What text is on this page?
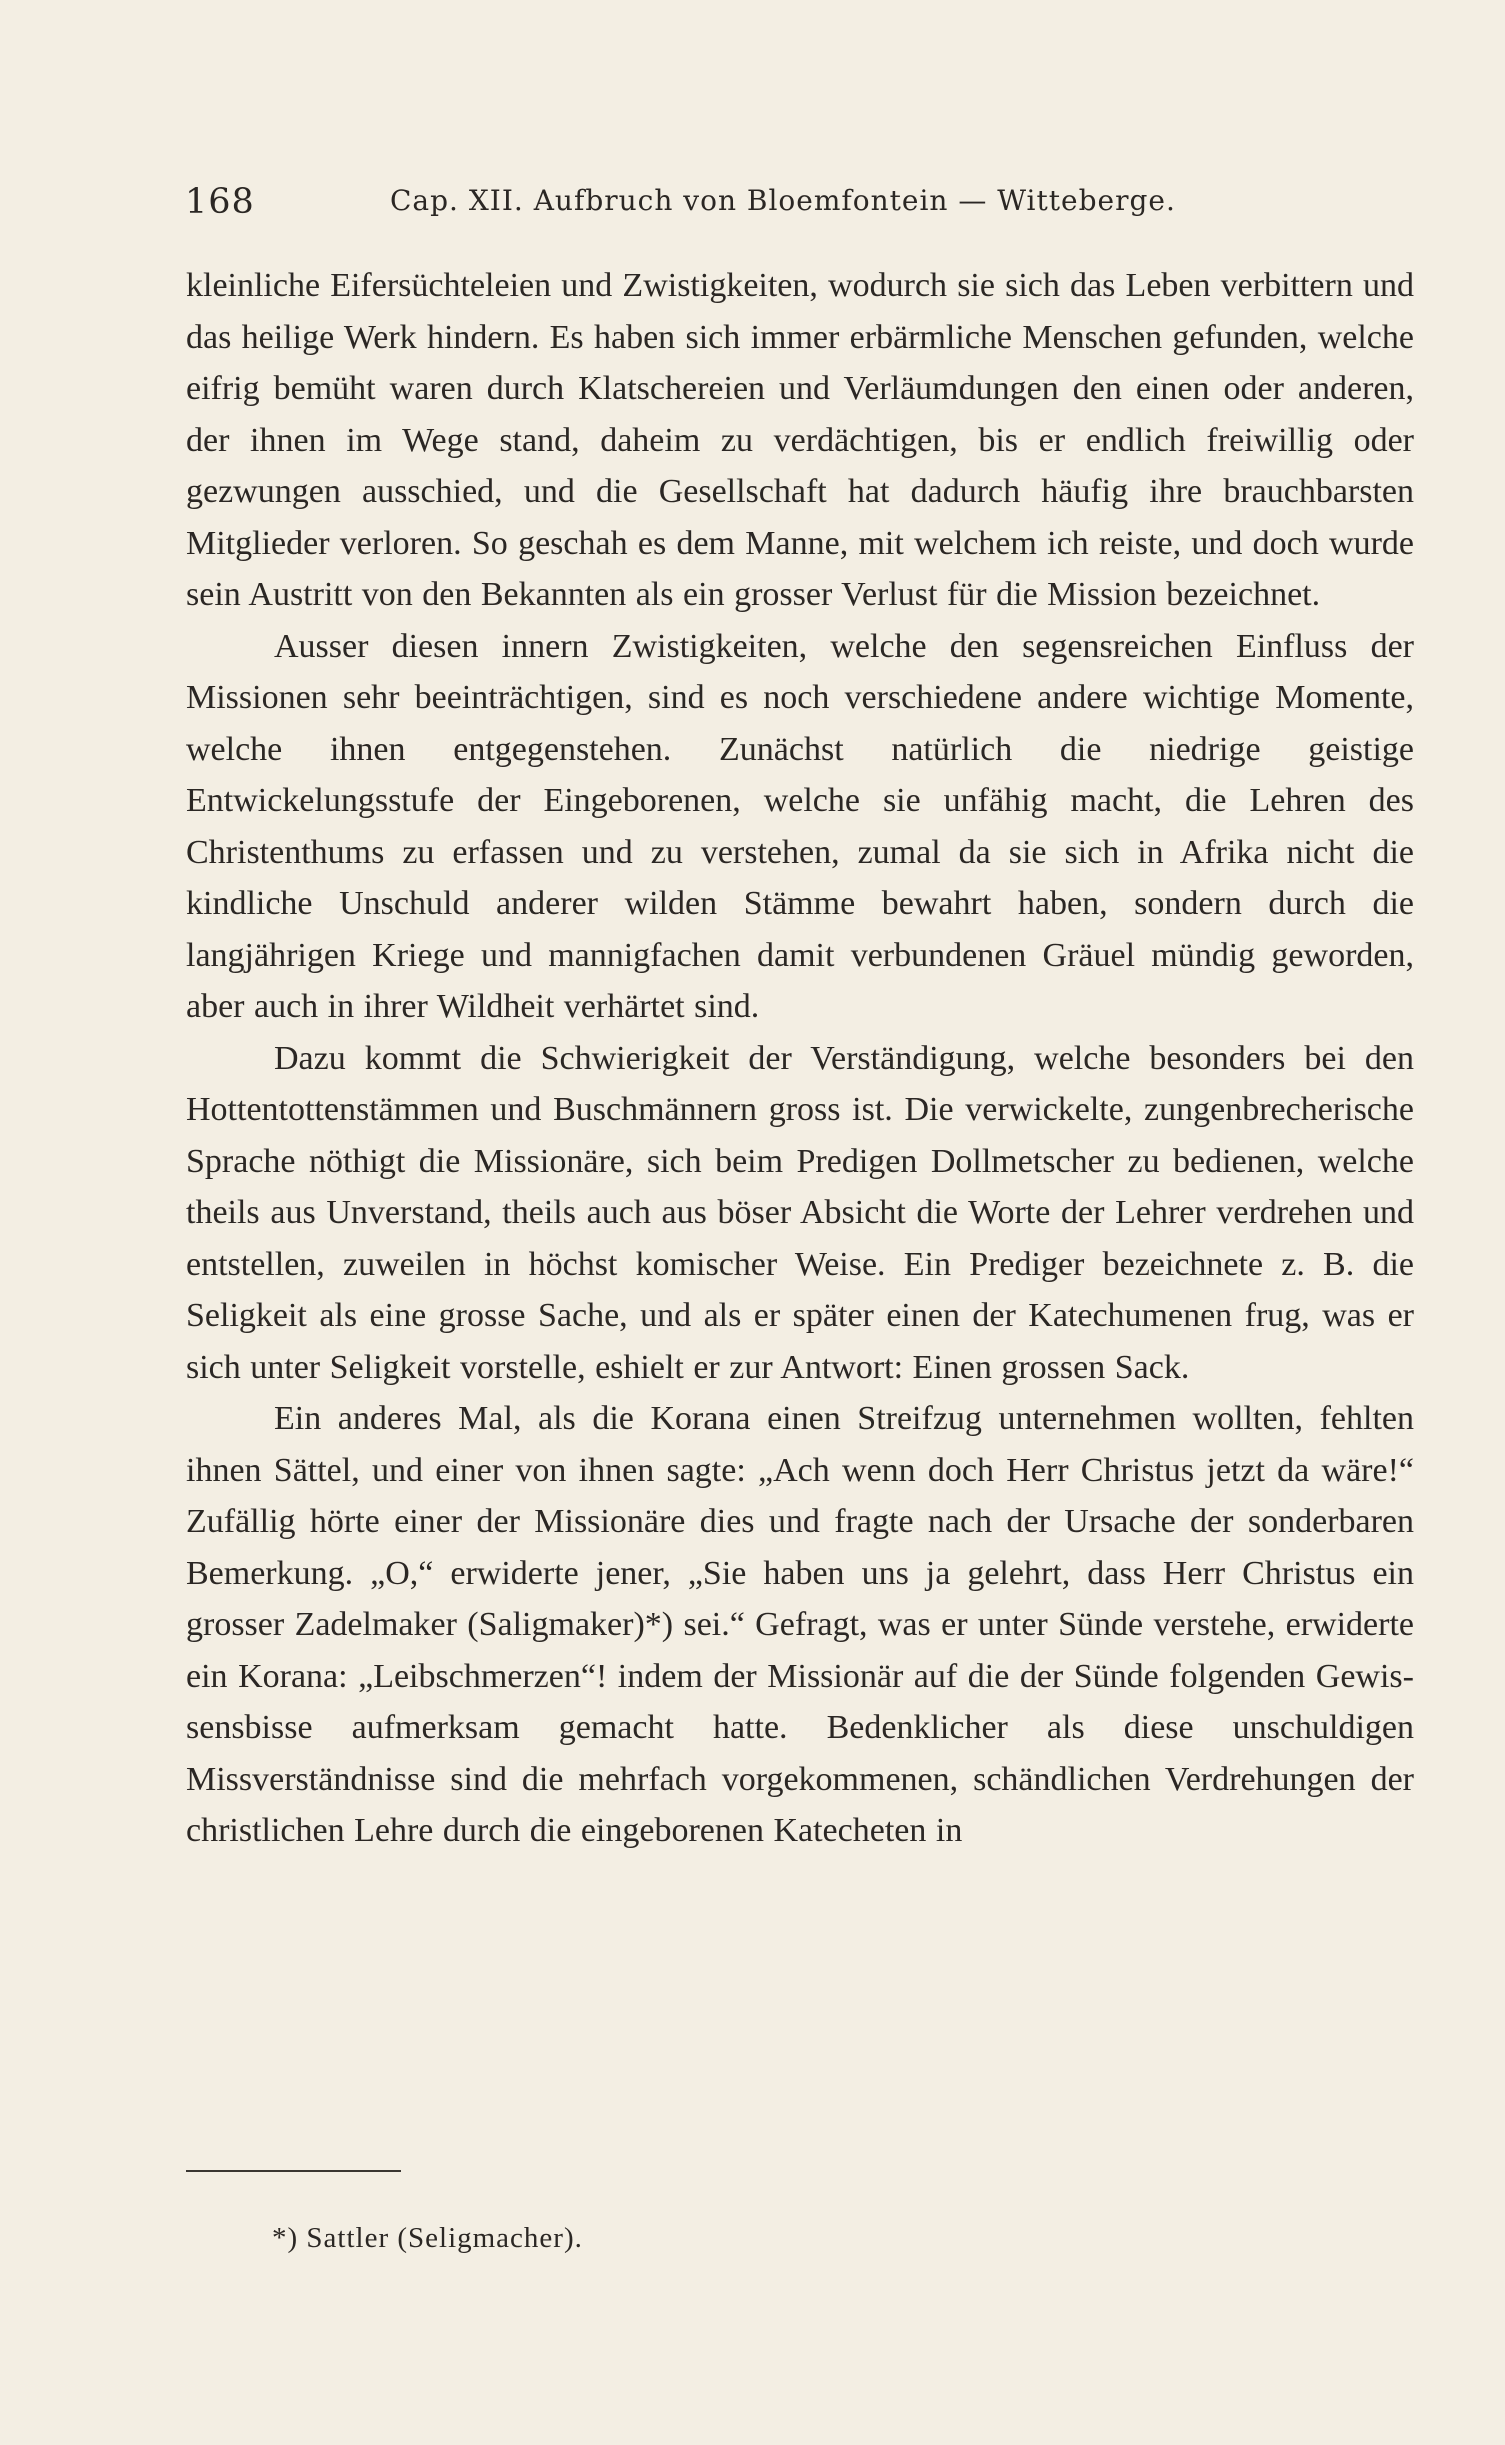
168	Cap. XII. Aufbruch von Bloemfontein — Witteberge.

kleinliche Eifersüchteleien und Zwistigkeiten, wodurch sie sich das Leben verbittern und das heilige Werk hindern. Es haben sich immer erbärmliche Menschen gefunden, welche eifrig bemüht waren durch Klatschereien und Verläumdungen den einen oder anderen, der ihnen im Wege stand, daheim zu verdächtigen, bis er endlich freiwillig oder gezwungen ausschied, und die Gesellschaft hat dadurch häufig ihre brauchbarsten Mitglieder verloren. So geschah es dem Manne, mit welchem ich reiste, und doch wurde sein Austritt von den Bekannten als ein grosser Verlust für die Mission bezeichnet.

Ausser diesen innern Zwistigkeiten, welche den segensreichen Einfluss der Missionen sehr beeinträchtigen, sind es noch verschiedene andere wichtige Momente, welche ihnen entgegenstehen. Zunächst natürlich die niedrige geistige Entwickelungsstufe der Eingeborenen, welche sie unfähig macht, die Lehren des Christenthums zu erfassen und zu verstehen, zumal da sie sich in Afrika nicht die kindliche Unschuld anderer wilden Stämme bewahrt haben, sondern durch die langjährigen Kriege und mannigfachen damit verbundenen Gräuel mündig geworden, aber auch in ihrer Wildheit verhärtet sind.

Dazu kommt die Schwierigkeit der Verständigung, welche besonders bei den Hottentottenstämmen und Buschmännern gross ist. Die verwickelte, zungenbrecherische Sprache nöthigt die Missionäre, sich beim Predigen Dollmetscher zu bedienen, welche theils aus Unverstand, theils auch aus böser Absicht die Worte der Lehrer verdrehen und entstellen, zuweilen in höchst komischer Weise. Ein Prediger bezeichnete z. B. die Seligkeit als eine grosse Sache, und als er später einen der Katechumenen frug, was er sich unter Seligkeit vorstelle, eshielt er zur Antwort: Einen grossen Sack.

Ein anderes Mal, als die Korana einen Streifzug unternehmen wollten, fehlten ihnen Sättel, und einer von ihnen sagte: „Ach wenn doch Herr Christus jetzt da wäre!“ Zufällig hörte einer der Missionäre dies und fragte nach der Ursache der sonderbaren Bemerkung. „O,“ erwiderte jener, „Sie haben uns ja gelehrt, dass Herr Christus ein grosser Zadelmaker (Saligmaker)*) sei.“ Gefragt, was er unter Sünde verstehe, erwiderte ein Korana: „Leibschmerzen“! indem der Missionär auf die der Sünde folgenden Gewissensbisse aufmerksam gemacht hatte. Bedenklicher als diese unschuldigen Missverständnisse sind die mehrfach vorgekommenen, schändlichen Verdrehungen der christlichen Lehre durch die eingeborenen Katecheten in

*) Sattler (Seligmacher).
